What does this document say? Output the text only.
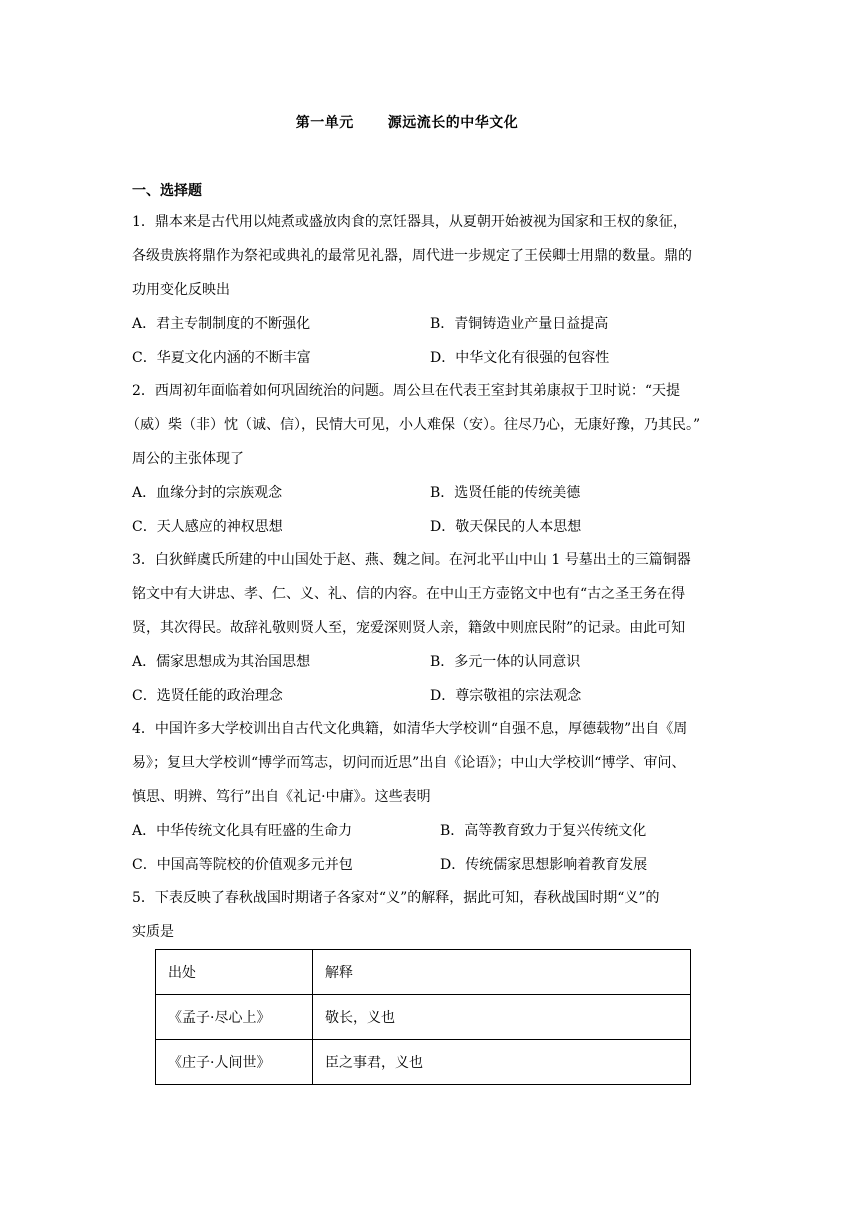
第一单元 源远流长的中华文化
一、选择题
1．鼎本来是古代用以炖煮或盛放肉食的烹饪器具，从夏朝开始被视为国家和王权的象征，
各级贵族将鼎作为祭祀或典礼的最常见礼器，周代进一步规定了王侯卿士用鼎的数量。鼎的
功用变化反映出
A．君主专制制度的不断强化	B．青铜铸造业产量日益提高
C．华夏文化内涵的不断丰富	D．中华文化有很强的包容性
2．西周初年面临着如何巩固统治的问题。周公旦在代表王室封其弟康叔于卫时说：“天提
（威）柴（非）忱（诚、信），民情大可见，小人难保（安）。往尽乃心，无康好豫，乃其民。”
周公的主张体现了
A．血缘分封的宗族观念	B．选贤任能的传统美德
C．天人感应的神权思想	D．敬天保民的人本思想
3．白狄鲜虞氏所建的中山国处于赵、燕、魏之间。在河北平山中山 1 号墓出土的三篇铜器
铭文中有大讲忠、孝、仁、义、礼、信的内容。在中山王方壶铭文中也有“古之圣王务在得
贤，其次得民。故辞礼敬则贤人至，宠爱深则贤人亲，籍敛中则庶民附”的记录。由此可知
A．儒家思想成为其治国思想	B．多元一体的认同意识
C．选贤任能的政治理念	D．尊宗敬祖的宗法观念
4．中国许多大学校训出自古代文化典籍，如清华大学校训“自强不息，厚德载物”出自《周
易》；复旦大学校训“博学而笃志，切问而近思”出自《论语》；中山大学校训“博学、审问、
慎思、明辨、笃行”出自《礼记·中庸》。这些表明
A．中华传统文化具有旺盛的生命力	B．高等教育致力于复兴传统文化
C．中国高等院校的价值观多元并包	D．传统儒家思想影响着教育发展
5．下表反映了春秋战国时期诸子各家对“义”的解释，据此可知，春秋战国时期“义”的
实质是
出处	解释
《孟子·尽心上》	敬长，义也
《庄子·人间世》	臣之事君，义也
